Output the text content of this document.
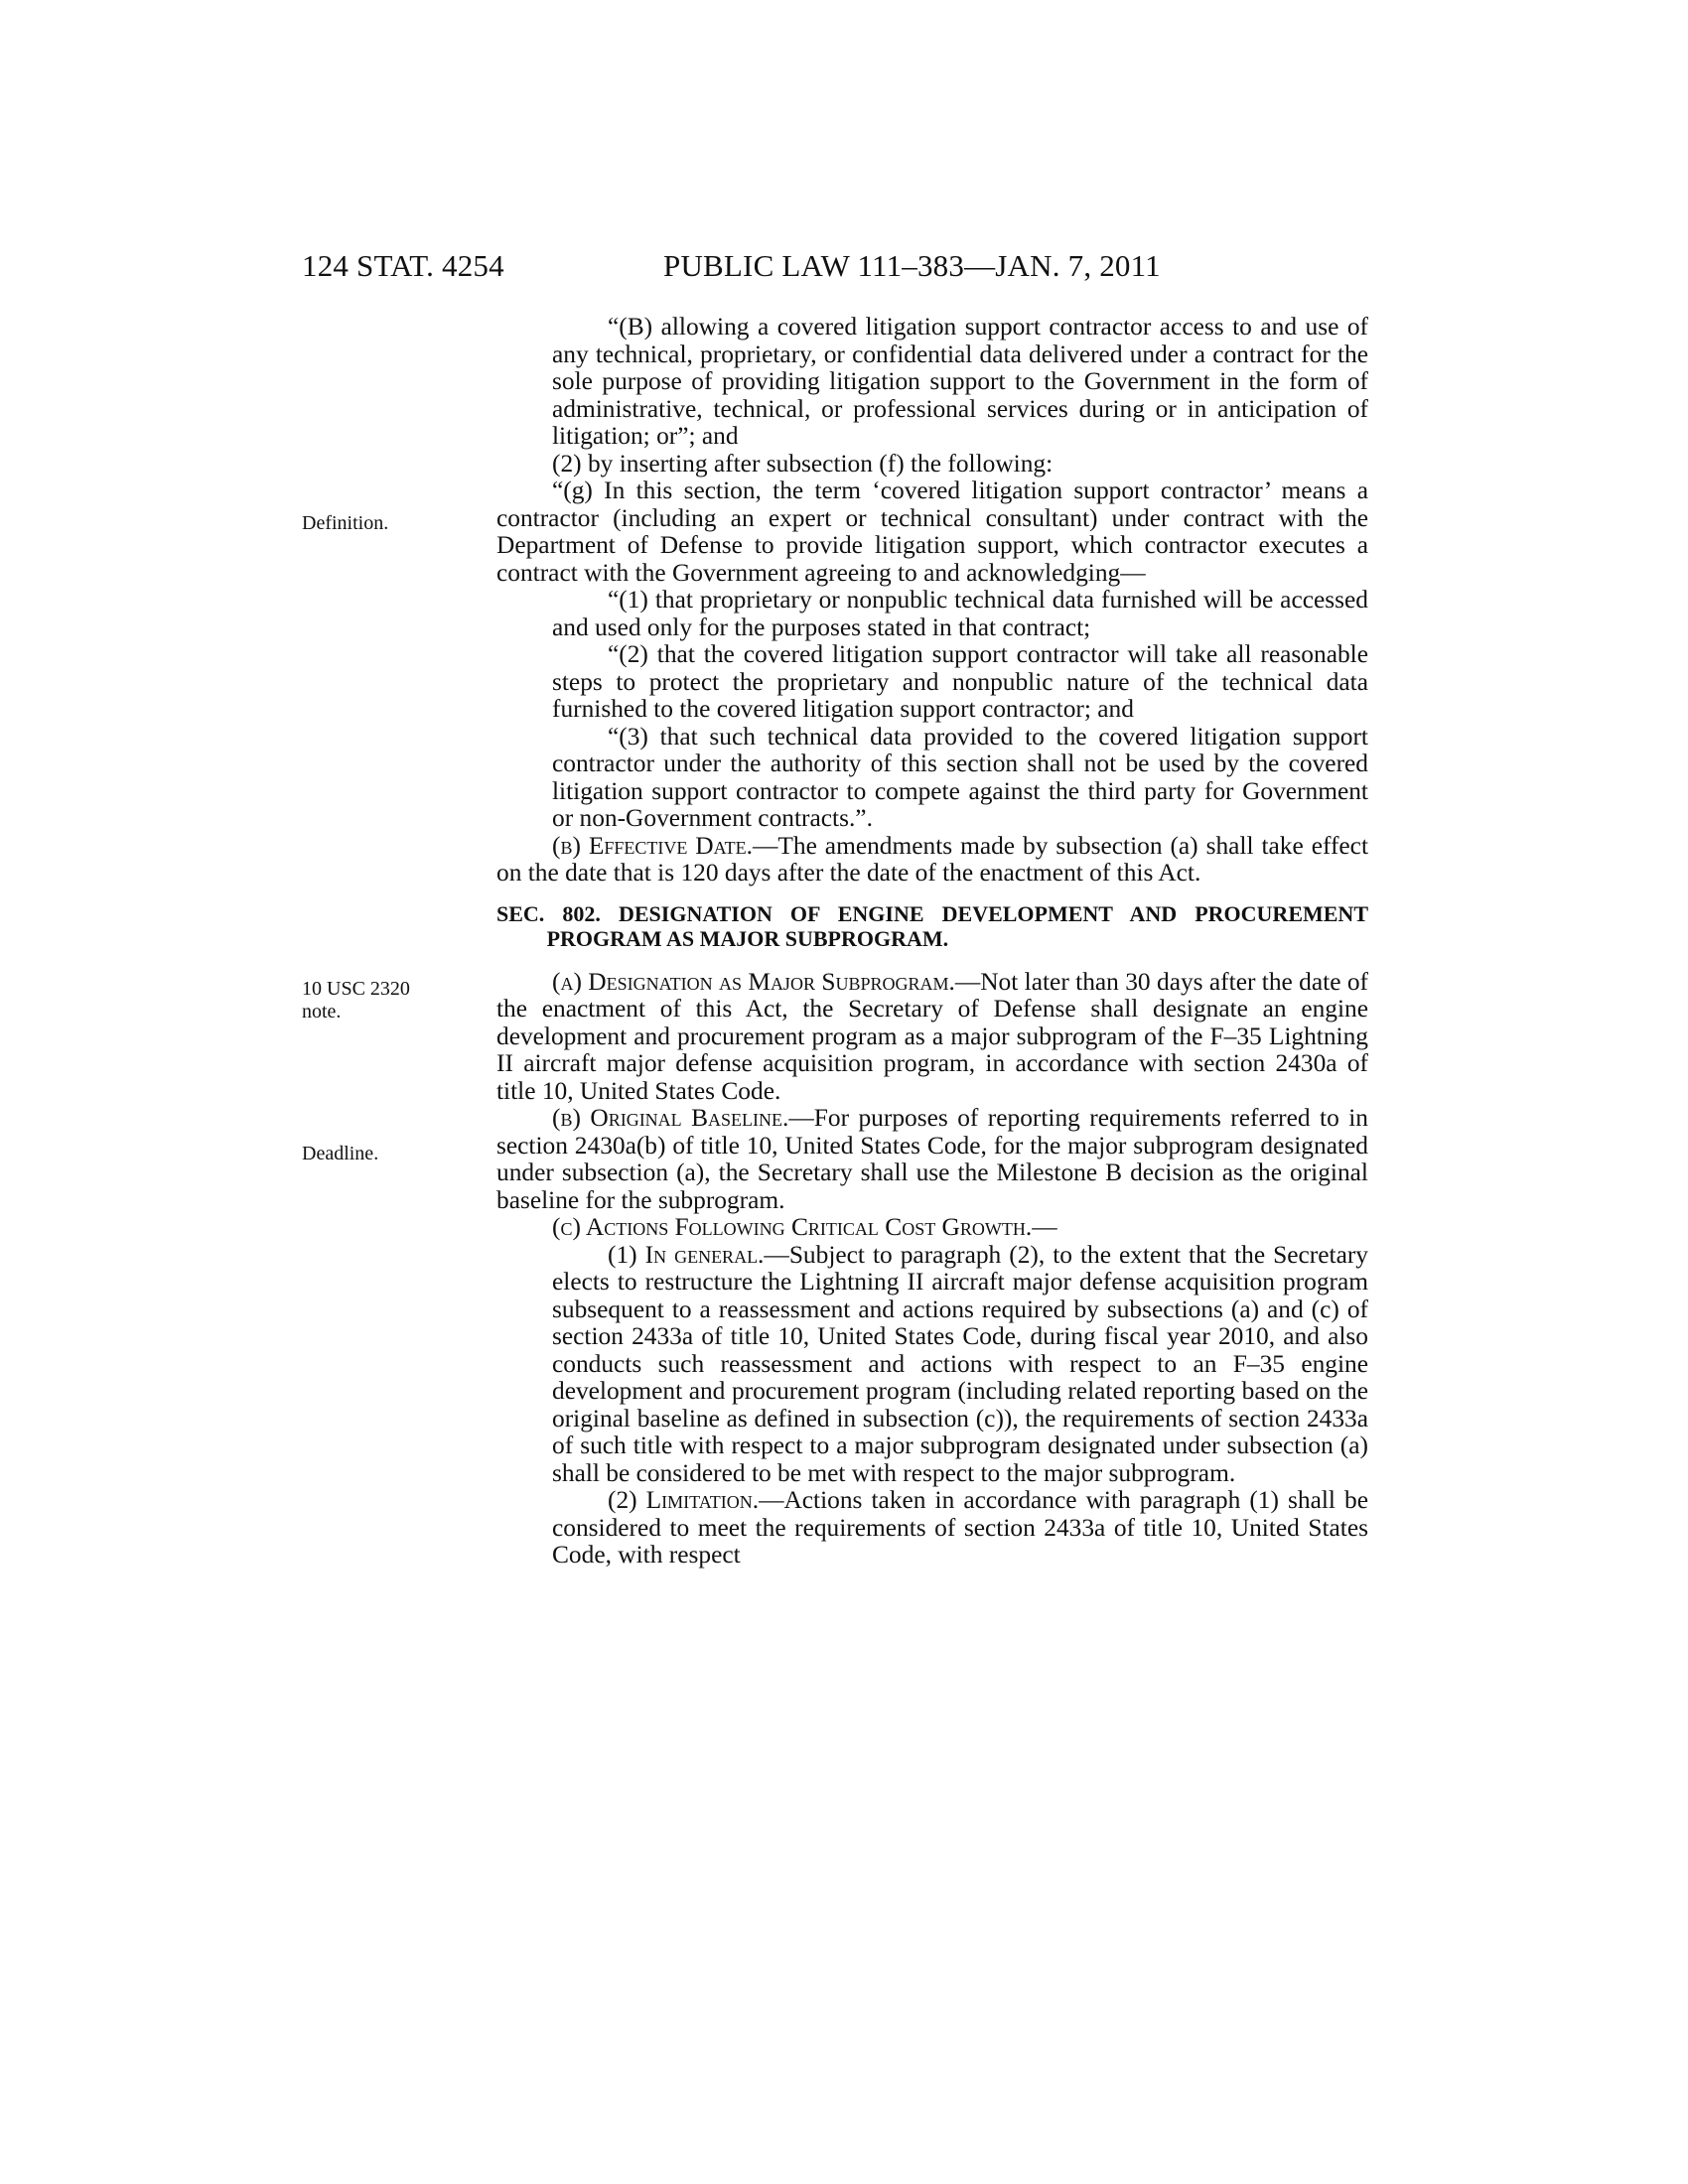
124 STAT. 4254	PUBLIC LAW 111–383—JAN. 7, 2011
Definition.
10 USC 2320
note.
Deadline.

“(B) allowing a covered litigation support contractor access to and use of any technical, proprietary, or confidential data delivered under a contract for the sole purpose of providing litigation support to the Government in the form of administrative, technical, or professional services during or in anticipation of litigation; or”; and

(2) by inserting after subsection (f) the following:

“(g) In this section, the term ‘covered litigation support contractor’ means a contractor (including an expert or technical consultant) under contract with the Department of Defense to provide litigation support, which contractor executes a contract with the Government agreeing to and acknowledging—

“(1) that proprietary or nonpublic technical data furnished will be accessed and used only for the purposes stated in that contract;

“(2) that the covered litigation support contractor will take all reasonable steps to protect the proprietary and nonpublic nature of the technical data furnished to the covered litigation support contractor; and

“(3) that such technical data provided to the covered litigation support contractor under the authority of this section shall not be used by the covered litigation support contractor to compete against the third party for Government or non-Government contracts.”.

(b) Effective Date.—The amendments made by subsection (a) shall take effect on the date that is 120 days after the date of the enactment of this Act.

SEC. 802. DESIGNATION OF ENGINE DEVELOPMENT AND PROCUREMENT PROGRAM AS MAJOR SUBPROGRAM.

(a) Designation as Major Subprogram.—Not later than 30 days after the date of the enactment of this Act, the Secretary of Defense shall designate an engine development and procurement program as a major subprogram of the F–35 Lightning II aircraft major defense acquisition program, in accordance with section 2430a of title 10, United States Code.

(b) Original Baseline.—For purposes of reporting requirements referred to in section 2430a(b) of title 10, United States Code, for the major subprogram designated under subsection (a), the Secretary shall use the Milestone B decision as the original baseline for the subprogram.

(c) Actions Following Critical Cost Growth.—

(1) In general.—Subject to paragraph (2), to the extent that the Secretary elects to restructure the Lightning II aircraft major defense acquisition program subsequent to a reassessment and actions required by subsections (a) and (c) of section 2433a of title 10, United States Code, during fiscal year 2010, and also conducts such reassessment and actions with respect to an F–35 engine development and procurement program (including related reporting based on the original baseline as defined in subsection (c)), the requirements of section 2433a of such title with respect to a major subprogram designated under subsection (a) shall be considered to be met with respect to the major subprogram.

(2) Limitation.—Actions taken in accordance with paragraph (1) shall be considered to meet the requirements of section 2433a of title 10, United States Code, with respect
